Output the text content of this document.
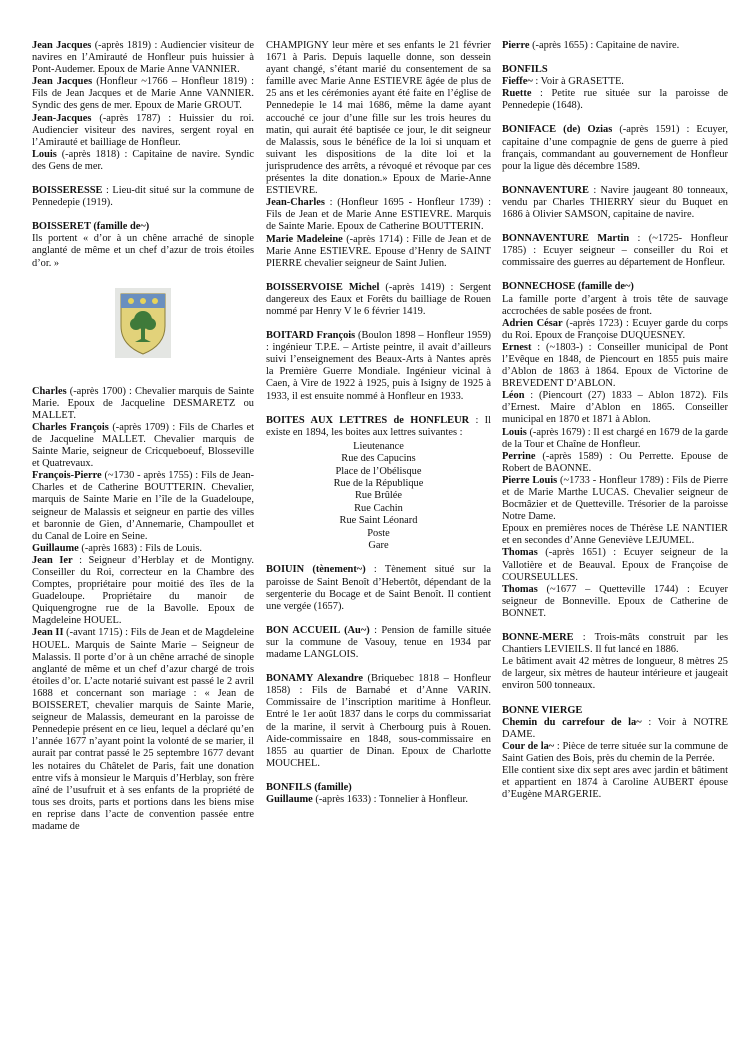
Jean Jacques (-après 1819) : Audiencier visiteur de navires en l’Amirauté de Honfleur puis huissier à Pont-Audemer. Epoux de Marie Anne VANNIER.

Jean Jacques (Honfleur ~1766 – Honfleur 1819) : Fils de Jean Jacques et de Marie Anne VANNIER. Syndic des gens de mer. Epoux de Marie GROUT.

Jean-Jacques (-après 1787) : Huissier du roi. Audiencier visiteur des navires, sergent royal en l’Amirauté et bailliage de Honfleur.

Louis (-après 1818) : Capitaine de navire. Syndic des Gens de mer.

BOISSERESSE : Lieu-dit situé sur la commune de Pennedepie (1919).

BOISSERET (famille de~)

Ils portent « d’or à un chêne arraché de sinople anglanté de même et un chef d’azur de trois étoiles d’or. »

Charles (-après 1700) : Chevalier marquis de Sainte Marie. Epoux de Jacqueline DESMARETZ ou MALLET.

Charles François (-après 1709) : Fils de Charles et de Jacqueline MALLET. Chevalier marquis de Sainte Marie, seigneur de Cricqueboeuf, Blosseville et Quatrevaux.

François-Pierre (~1730 - après 1755) : Fils de Jean-Charles et de Catherine BOUTTERIN. Chevalier, marquis de Sainte Marie en l’île de la Guadeloupe, seigneur de Malassis et seigneur en partie des villes et baronnie de Gien, d’Annemarie, Champoullet et du Canal de Loire en Seine.

Guillaume (-après 1683) : Fils de Louis.

Jean Ier : Seigneur d’Herblay et de Montigny. Conseiller du Roi, correcteur en la Chambre des Comptes, propriétaire pour moitié des îles de la Guadeloupe. Propriétaire du manoir de Quiquengrogne rue de la Bavolle. Epoux de Magdeleine HOUEL.

Jean II (-avant 1715) : Fils de Jean et de Magdeleine HOUEL. Marquis de Sainte Marie – Seigneur de Malassis. Il porte d’or à un chêne arraché de sinople anglanté de même et un chef d’azur chargé de trois étoiles d’or. L’acte notarié suivant est passé le 2 avril 1688 et concernant son mariage : « Jean de BOISSERET, chevalier marquis de Sainte Marie, seigneur de Malassis, demeurant en la paroisse de Pennedepie présent en ce lieu, lequel a déclaré qu’en l’année 1677 n’ayant point la volonté de se marier, il aurait par contrat passé le 25 septembre 1677 devant les notaires du Châtelet de Paris, fait une donation entre vifs à monsieur le Marquis d’Herblay, son frère aîné de l’usufruit et à ses enfants de la propriété de tous ses droits, parts et portions dans les biens mise en reprise dans l’acte de convention passée entre madame de

CHAMPIGNY leur mère et ses enfants le 21 février 1671 à Paris. Depuis laquelle donne, son dessein ayant changé, s’étant marié du consentement de sa famille avec Marie Anne ESTIEVRE âgée de plus de 25 ans et les cérémonies ayant été faite en l’église de Pennedepie le 14 mai 1686, même la dame ayant accouché ce jour d’une fille sur les trois heures du matin, qui aurait été baptisée ce jour, le dit seigneur de Malassis, sous le bénéfice de la loi si unquam et suivant les dispositions de la dite loi et la jurisprudence des arrêts, a révoqué et révoque par ces présentes la dite donation.» Epoux de Marie-Anne ESTIEVRE.

Jean-Charles : (Honfleur 1695 - Honfleur 1739) : Fils de Jean et de Marie Anne ESTIEVRE. Marquis de Sainte Marie. Epoux de Catherine BOUTTERIN.

Marie Madeleine (-après 1714) : Fille de Jean et de Marie Anne ESTIEVRE. Epouse d’Henry de SAINT PIERRE chevalier seigneur de Saint Julien.

BOISSERVOISE Michel (-après 1419) : Sergent dangereux des Eaux et Forêts du bailliage de Rouen nommé par Henry V le 6 février 1419.

BOITARD François (Boulon 1898 – Honfleur 1959) : ingénieur T.P.E. – Artiste peintre, il avait d’ailleurs suivi l’enseignement des Beaux-Arts à Nantes après la Première Guerre Mondiale. Ingénieur vicinal à Caen, à Vire de 1922 à 1925, puis à Isigny de 1925 à 1933, il est ensuite nommé à Honfleur en 1933.

BOITES AUX LETTRES de HONFLEUR : Il existe en 1894, les boites aux lettres suivantes :

Lieutenance
Rue des Capucins
Place de l’Obélisque
Rue de la République
Rue Brûlée
Rue Cachin
Rue Saint Léonard
Poste
Gare

BOIUIN (tènement~) : Tènement situé sur la paroisse de Saint Benoît d’Hebertôt, dépendant de la sergenterie du Bocage et de Saint Benoît. Il contient une vergée (1657).

BON ACCUEIL (Au~) : Pension de famille située sur la commune de Vasouy, tenue en 1934 par madame LANGLOIS.

BONAMY Alexandre (Briquebec 1818 – Honfleur 1858) : Fils de Barnabé et d’Anne VARIN. Commissaire de l’inscription maritime à Honfleur. Entré le 1er août 1837 dans le corps du commissariat de la marine, il servit à Cherbourg puis à Rouen. Aide-commissaire en 1848, sous-commissaire en 1855 au quartier de Dinan. Epoux de Charlotte MOUCHEL.

BONFILS (famille)

Guillaume (-après 1633) : Tonnelier à Honfleur.

Pierre (-après 1655) : Capitaine de navire.

BONFILS

Fieffe~ : Voir à GRASETTE.

Ruette : Petite rue située sur la paroisse de Pennedepie (1648).

BONIFACE (de) Ozias (-après 1591) : Ecuyer, capitaine d’une compagnie de gens de guerre à pied français, commandant au gouvernement de Honfleur pour la ligue dès décembre 1589.

BONNAVENTURE : Navire jaugeant 80 tonneaux, vendu par Charles THIERRY sieur du Buquet en 1686 à Olivier SAMSON, capitaine de navire.

BONNAVENTURE Martin : (~1725- Honfleur 1785) : Ecuyer seigneur – conseiller du Roi et commissaire des guerres au département de Honfleur.

BONNECHOSE (famille de~)

La famille porte d’argent à trois tête de sauvage accrochées de sable posées de front.

Adrien César (-après 1723) : Ecuyer garde du corps du Roi. Epoux de Françoise DUQUESNEY.

Ernest : (~1803-) : Conseiller municipal de Pont l’Evêque en 1848, de Piencourt en 1855 puis maire d’Ablon de 1863 à 1864. Epoux de Victorine de BREVEDENT D’ABLON.

Léon : (Piencourt (27) 1833 – Ablon 1872). Fils d’Ernest. Maire d’Ablon en 1865. Conseiller municipal en 1870 et 1871 à Ablon.

Louis (-après 1679) : Il est chargé en 1679 de la garde de la Tour et Chaîne de Honfleur.

Perrine (-après 1589) : Ou Perrette. Epouse de Robert de BAONNE.

Pierre Louis (~1733 - Honfleur 1789) : Fils de Pierre et de Marie Marthe LUCAS. Chevalier seigneur de Bocmâzier et de Quetteville. Trésorier de la paroisse Notre Dame.

Epoux en premières noces de Thérèse LE NANTIER et en secondes d’Anne Geneviève LEJUMEL.

Thomas (-après 1651) : Ecuyer seigneur de la Vallotière et de Beauval. Epoux de Françoise de COURSEULLES.

Thomas (~1677 – Quetteville 1744) : Ecuyer seigneur de Bonneville. Epoux de Catherine de BONNET.

BONNE-MERE : Trois-mâts construit par les Chantiers LEVIEILS. Il fut lancé en 1886.

Le bâtiment avait 42 mètres de longueur, 8 mètres 25 de largeur, six mètres de hauteur intérieure et jaugeait environ 500 tonneaux.

BONNE VIERGE

Chemin du carrefour de la~ : Voir à NOTRE DAME.

Cour de la~ : Pièce de terre située sur la commune de Saint Gatien des Bois, près du chemin de la Perrée.

Elle contient sixe dix sept ares avec jardin et bâtiment et appartient en 1874 à Caroline AUBERT épouse d’Eugène MARGERIE.
